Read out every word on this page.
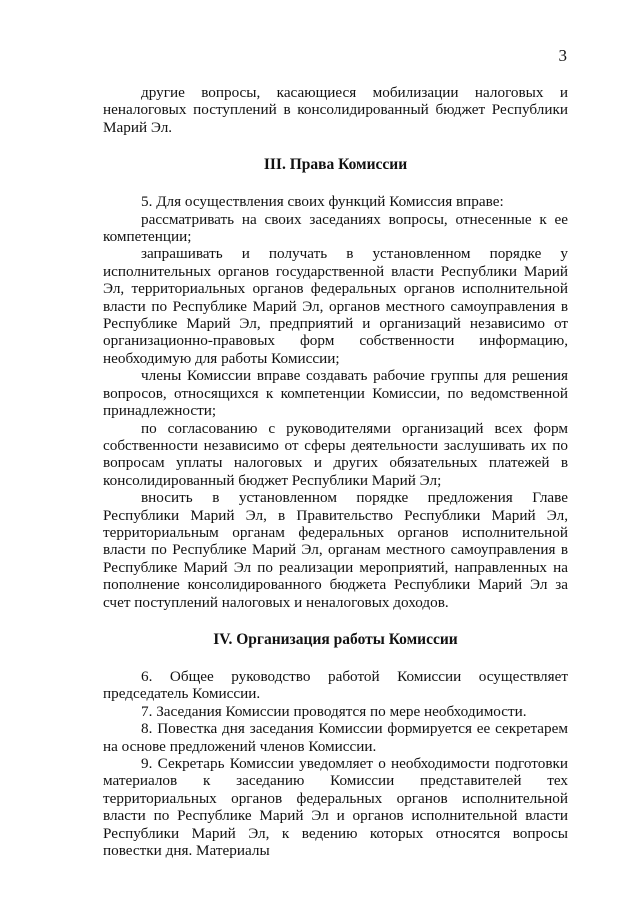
3

другие вопросы, касающиеся мобилизации налоговых и неналоговых поступлений в консолидированный бюджет Республики Марий Эл.

III. Права Комиссии

5. Для осуществления своих функций Комиссия вправе:

рассматривать на своих заседаниях вопросы, отнесенные к ее компетенции;

запрашивать и получать в установленном порядке у исполнительных органов государственной власти Республики Марий Эл, территориальных органов федеральных органов исполнительной власти по Республике Марий Эл, органов местного самоуправления в Республике Марий Эл, предприятий и организаций независимо от организационно-правовых форм собственности информацию, необходимую для работы Комиссии;

члены Комиссии вправе создавать рабочие группы для решения вопросов, относящихся к компетенции Комиссии, по ведомственной принадлежности;

по согласованию с руководителями организаций всех форм собственности независимо от сферы деятельности заслушивать их по вопросам уплаты налоговых и других обязательных платежей в консолидированный бюджет Республики Марий Эл;

вносить в установленном порядке предложения Главе Республики Марий Эл, в Правительство Республики Марий Эл, территориальным органам федеральных органов исполнительной власти по Республике Марий Эл, органам местного самоуправления в Республике Марий Эл по реализации мероприятий, направленных на пополнение консолидированного бюджета Республики Марий Эл за счет поступлений налоговых и неналоговых доходов.

IV. Организация работы Комиссии

6. Общее руководство работой Комиссии осуществляет председатель Комиссии.

7. Заседания Комиссии проводятся по мере необходимости.

8. Повестка дня заседания Комиссии формируется ее секретарем на основе предложений членов Комиссии.

9. Секретарь Комиссии уведомляет о необходимости подготовки материалов к заседанию Комиссии представителей тех территориальных органов федеральных органов исполнительной власти по Республике Марий Эл и органов исполнительной власти Республики Марий Эл, к ведению которых относятся вопросы повестки дня. Материалы
